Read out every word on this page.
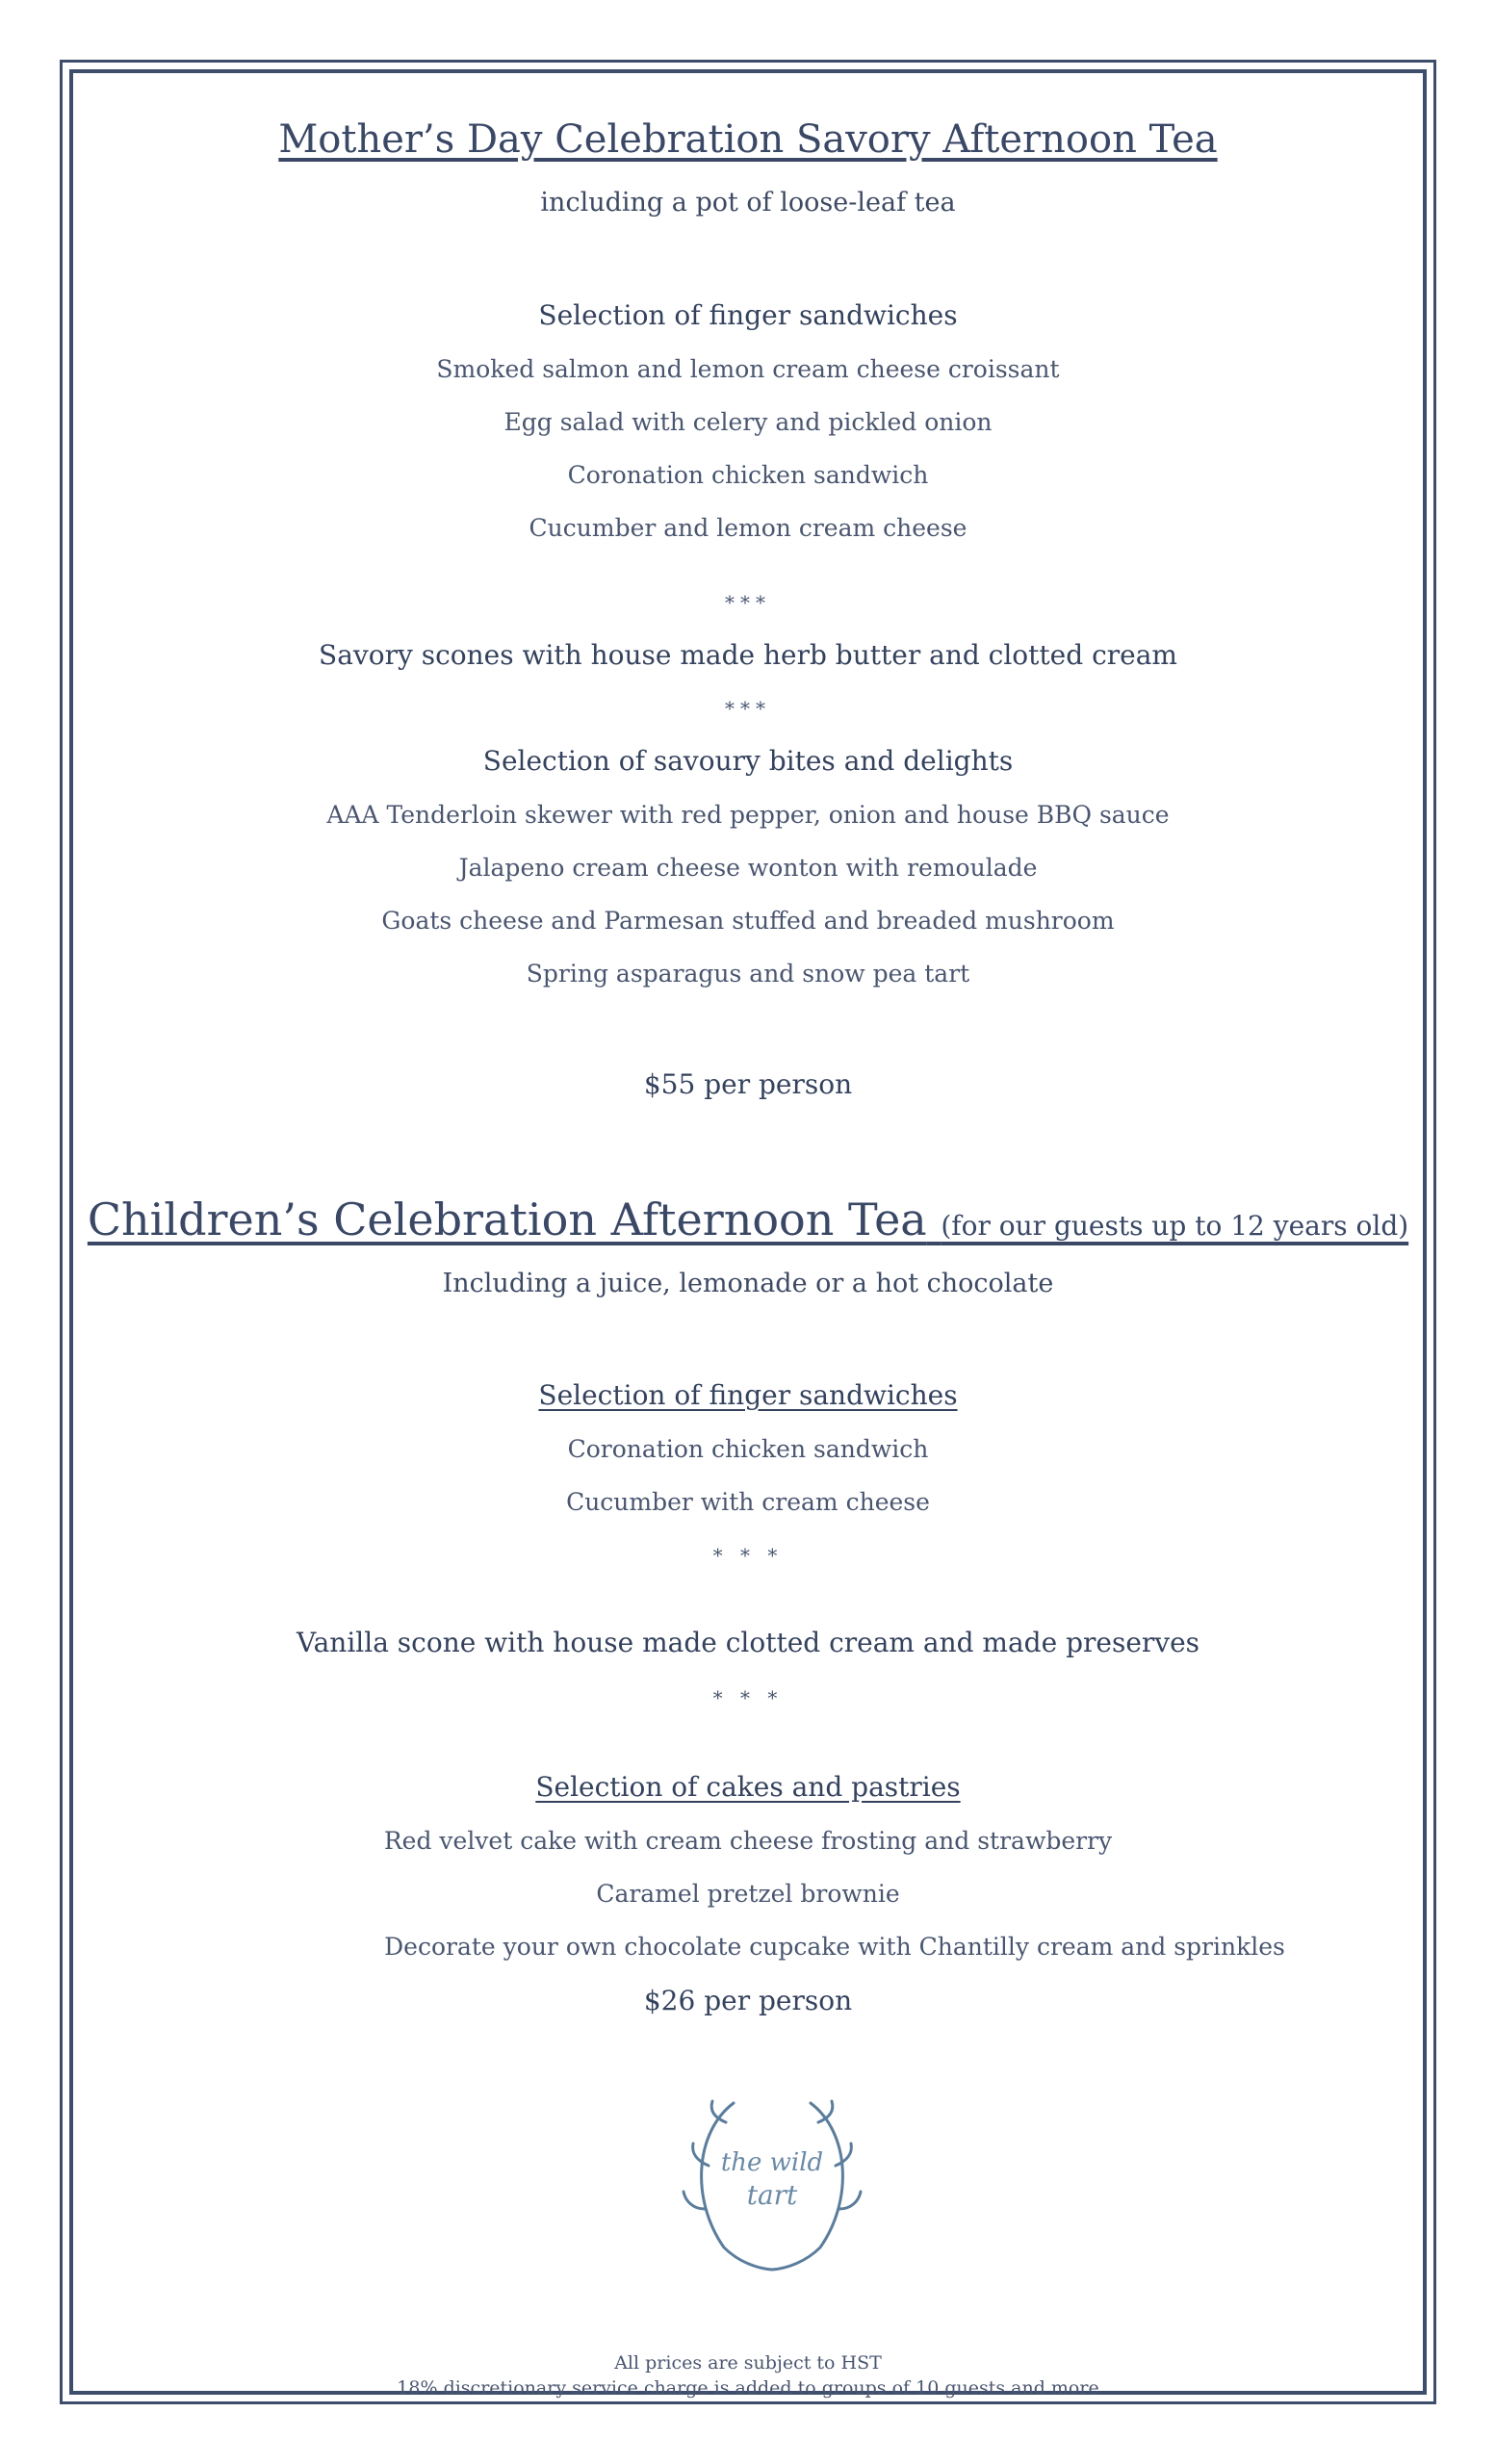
Mother’s Day Celebration Savory Afternoon Tea
including a pot of loose-leaf tea
Selection of finger sandwiches
Smoked salmon and lemon cream cheese croissant
Egg salad with celery and pickled onion
Coronation chicken sandwich
Cucumber and lemon cream cheese
***
Savory scones with house made herb butter and clotted cream
***
Selection of savoury bites and delights
AAA Tenderloin skewer with red pepper, onion and house BBQ sauce
Jalapeno cream cheese wonton with remoulade
Goats cheese and Parmesan stuffed and breaded mushroom
Spring asparagus and snow pea tart
$55 per person
Children’s Celebration Afternoon Tea (for our guests up to 12 years old)
Including a juice, lemonade or a hot chocolate
Selection of finger sandwiches
Coronation chicken sandwich
Cucumber with cream cheese
* * *
Vanilla scone with house made clotted cream and made preserves
* * *
Selection of cakes and pastries
Red velvet cake with cream cheese frosting and strawberry
Caramel pretzel brownie
Decorate your own chocolate cupcake with Chantilly cream and sprinkles
$26 per person
the wild
tart
All prices are subject to HST
18% discretionary service charge is added to groups of 10 guests and more
